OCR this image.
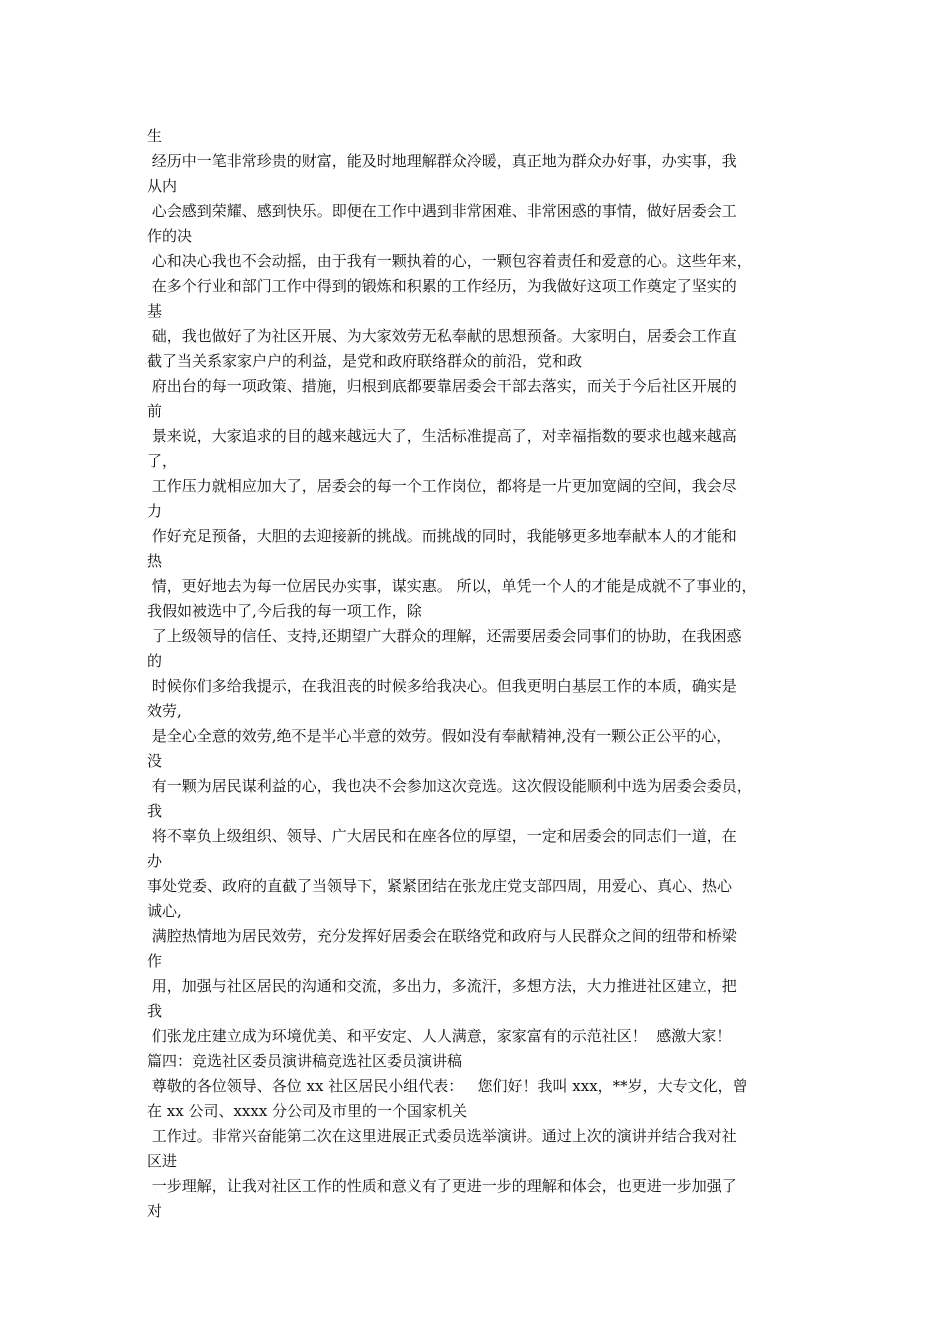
生
经历中一笔非常珍贵的财富，能及时地理解群众冷暖，真正地为群众办好事，办实事，我
从内
心会感到荣耀、感到快乐。即便在工作中遇到非常困难、非常困惑的事情，做好居委会工
作的决
心和决心我也不会动摇，由于我有一颗执着的心，一颗包容着责任和爱意的心。这些年来，
在多个行业和部门工作中得到的锻炼和积累的工作经历，为我做好这项工作奠定了坚实的
基
础，我也做好了为社区开展、为大家效劳无私奉献的思想预备。大家明白，居委会工作直
截了当关系家家户户的利益，是党和政府联络群众的前沿，党和政
府出台的每一项政策、措施，归根到底都要靠居委会干部去落实，而关于今后社区开展的
前
景来说，大家追求的目的越来越远大了，生活标准提高了，对幸福指数的要求也越来越高
了，
工作压力就相应加大了，居委会的每一个工作岗位，都将是一片更加宽阔的空间，我会尽
力
作好充足预备，大胆的去迎接新的挑战。而挑战的同时，我能够更多地奉献本人的才能和
热
情，更好地去为每一位居民办实事，谋实惠。 所以，单凭一个人的才能是成就不了事业的，
我假如被选中了,今后我的每一项工作，除
了上级领导的信任、支持,还期望广大群众的理解，还需要居委会同事们的协助，在我困惑
的
时候你们多给我提示，在我沮丧的时候多给我决心。但我更明白基层工作的本质，确实是
效劳,
是全心全意的效劳,绝不是半心半意的效劳。假如没有奉献精神,没有一颗公正公平的心，
没
有一颗为居民谋利益的心，我也决不会参加这次竞选。这次假设能顺利中选为居委会委员，
我
将不辜负上级组织、领导、广大居民和在座各位的厚望，一定和居委会的同志们一道，在
办
事处党委、政府的直截了当领导下，紧紧团结在张龙庄党支部四周，用爱心、真心、热心
诚心,
满腔热情地为居民效劳，充分发挥好居委会在联络党和政府与人民群众之间的纽带和桥梁
作
用，加强与社区居民的沟通和交流，多出力，多流汗，多想方法，大力推进社区建立，把
我
们张龙庄建立成为环境优美、和平安定、人人满意，家家富有的示范社区！  感激大家！
篇四：竞选社区委员演讲稿竞选社区委员演讲稿
尊敬的各位领导、各位 xx 社区居民小组代表：   您们好！我叫 xxx，**岁，大专文化，曾
在 xx 公司、xxxx 分公司及市里的一个国家机关
工作过。非常兴奋能第二次在这里进展正式委员选举演讲。通过上次的演讲并结合我对社
区进
一步理解，让我对社区工作的性质和意义有了更进一步的理解和体会，也更进一步加强了
对
